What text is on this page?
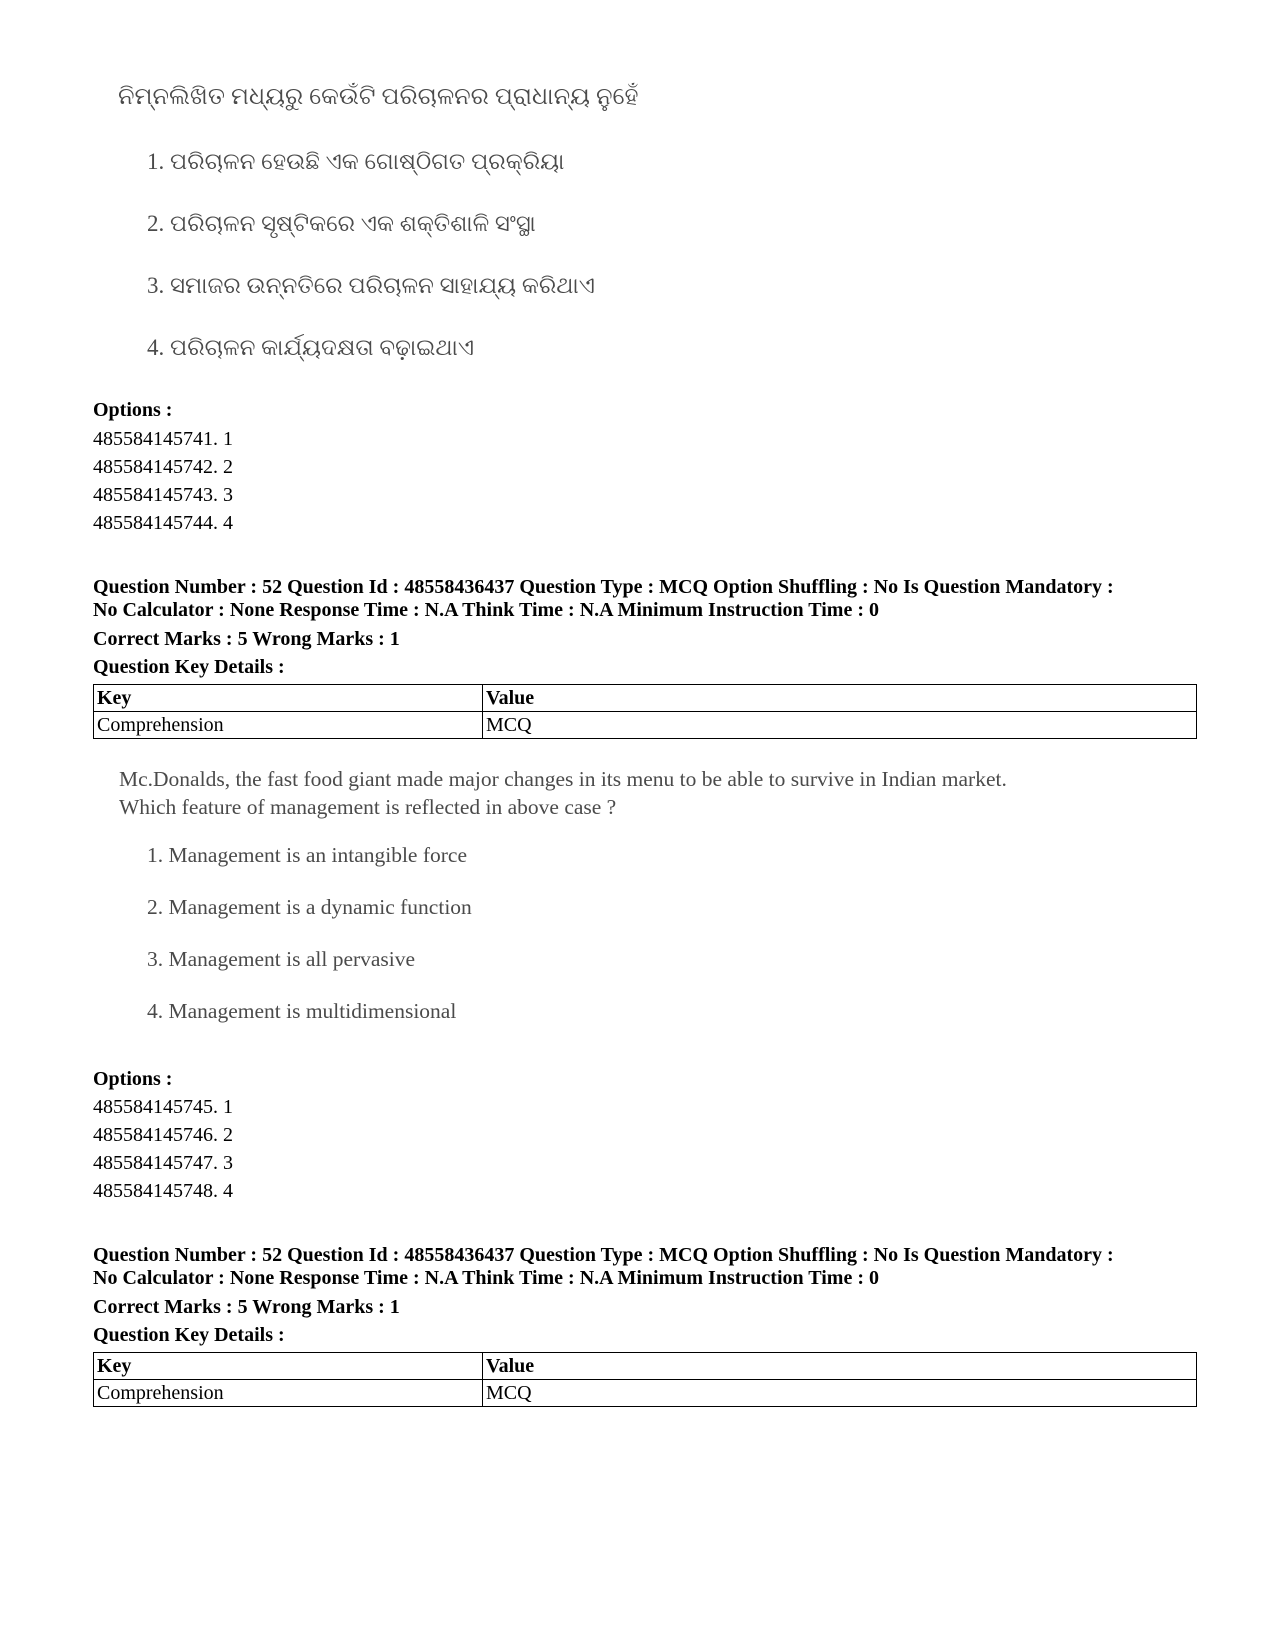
ନିମ୍ନଲିଖିତ ମଧ୍ୟରୁ କେଉଁଟି ପରିଚାଳନର ପ୍ରାଧାନ୍ୟ ନୁହେଁ
1. ପରିଚାଳନ ହେଉଛି ଏକ ଗୋଷ୍ଠିଗତ ପ୍ରକ୍ରିୟା
2. ପରିଚାଳନ ସୃଷ୍ଟିକରେ ଏକ ଶକ୍ତିଶାଳି ସଂସ୍ଥା
3. ସମାଜର ଉନ୍ନତିରେ ପରିଚାଳନ ସାହାଯ୍ୟ କରିଥାଏ
4. ପରିଚାଳନ କାର୍ଯ୍ୟଦକ୍ଷତା ବଢ଼ାଇଥାଏ
Options :
485584145741. 1
485584145742. 2
485584145743. 3
485584145744. 4
Question Number : 52 Question Id : 48558436437 Question Type : MCQ Option Shuffling : No Is Question Mandatory :
No Calculator : None Response Time : N.A Think Time : N.A Minimum Instruction Time : 0
Correct Marks : 5 Wrong Marks : 1
Question Key Details :
Key	Value
Comprehension	MCQ
Mc.Donalds, the fast food giant made major changes in its menu to be able to survive in Indian market.
Which feature of management is reflected in above case ?
1. Management is an intangible force
2. Management is a dynamic function
3. Management is all pervasive
4. Management is multidimensional
Options :
485584145745. 1
485584145746. 2
485584145747. 3
485584145748. 4
Question Number : 52 Question Id : 48558436437 Question Type : MCQ Option Shuffling : No Is Question Mandatory :
No Calculator : None Response Time : N.A Think Time : N.A Minimum Instruction Time : 0
Correct Marks : 5 Wrong Marks : 1
Question Key Details :
Key	Value
Comprehension	MCQ
